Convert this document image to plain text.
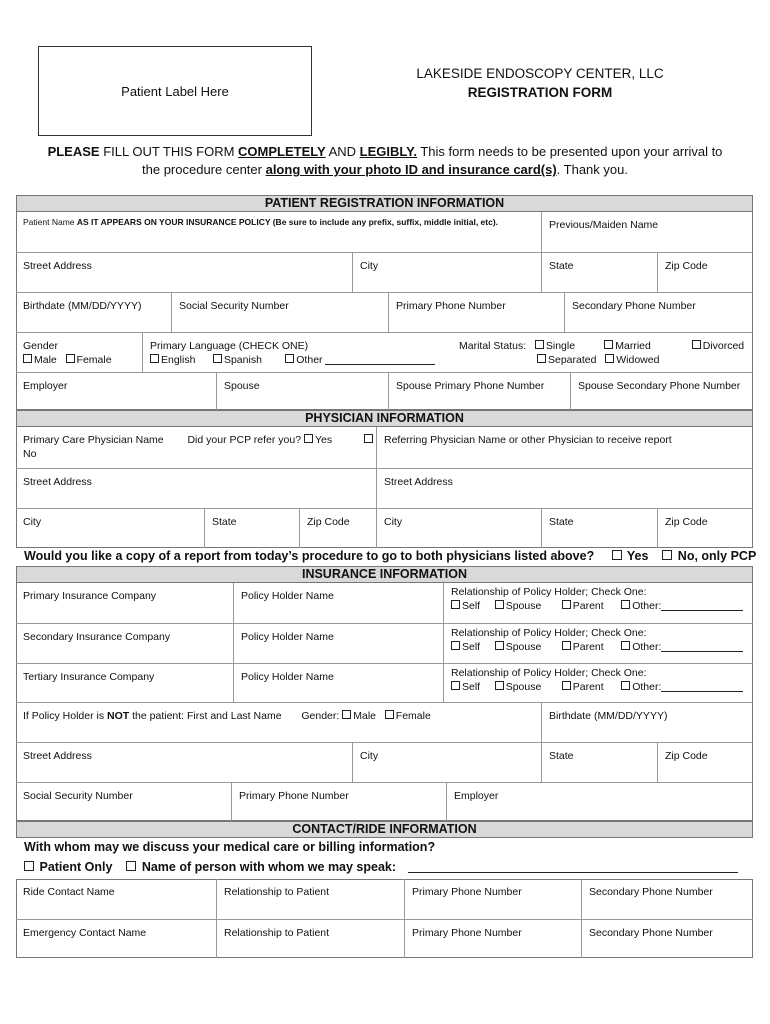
Patient Label Here
LAKESIDE ENDOSCOPY CENTER, LLC
REGISTRATION FORM
PLEASE FILL OUT THIS FORM COMPLETELY AND LEGIBLY. This form needs to be presented upon your arrival to
the procedure center along with your photo ID and insurance card(s). Thank you.
PATIENT REGISTRATION INFORMATION
Patient Name AS IT APPEARS ON YOUR INSURANCE POLICY (Be sure to include any prefix, suffix, middle initial, etc).	Previous/Maiden Name
Street Address	City	State	Zip Code
Birthdate (MM/DD/YYYY)	Social Security Number	Primary Phone Number	Secondary Phone Number
Gender
Male Female
Primary Language (CHECK ONE)
English	Spanish	Other
Marital Status: Single	Married	Divorced
Separated Widowed
Employer	Spouse	Spouse Primary Phone Number	Spouse Secondary Phone Number
PHYSICIAN INFORMATION
Primary Care Physician Name Did your PCP refer you? Yes           No
Referring Physician Name or other Physician to receive report
Street Address	Street Address
City	State	Zip Code	City	State	Zip Code
Would you like a copy of a report from today’s procedure to go to both physicians listed above?	Yes No, only PCP
INSURANCE INFORMATION
Primary Insurance Company	Policy Holder Name	Relationship of Policy Holder; Check One:
Self Spouse	Parent	Other:
Secondary Insurance Company	Policy Holder Name	Relationship of Policy Holder; Check One:
Self Spouse	Parent	Other:
Tertiary Insurance Company	Policy Holder Name	Relationship of Policy Holder; Check One:
Self Spouse	Parent	Other:
If Policy Holder is NOT the patient: First and Last Name Gender: Male Female	Birthdate (MM/DD/YYYY)
Street Address	City	State	Zip Code
Social Security Number	Primary Phone Number	Employer
CONTACT/RIDE INFORMATION
With whom may we discuss your medical care or billing information?
Patient Only Name of person with whom we may speak:
Ride Contact Name	Relationship to Patient	Primary Phone Number	Secondary Phone Number
Emergency Contact Name	Relationship to Patient	Primary Phone Number	Secondary Phone Number
